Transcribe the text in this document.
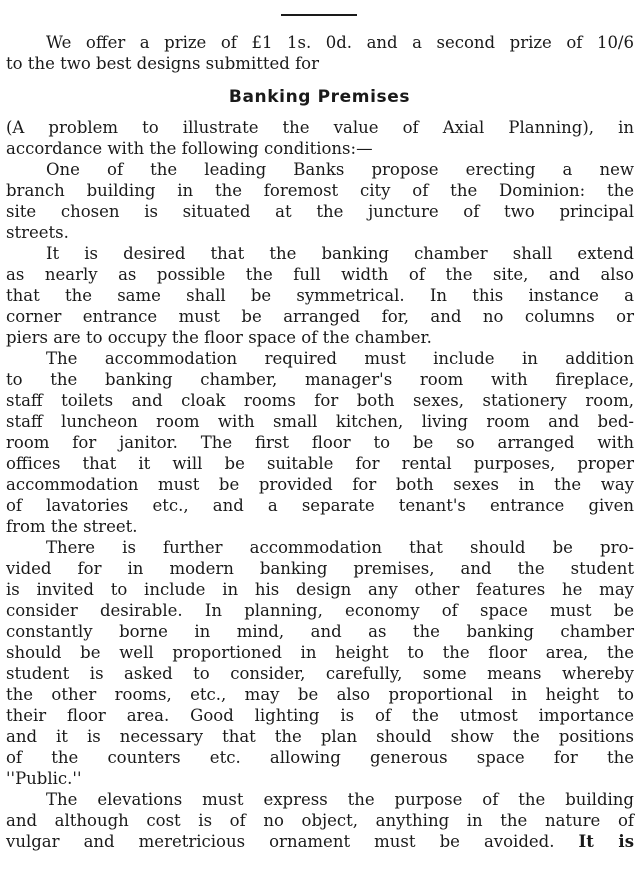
We offer a prize of £1 1s. 0d. and a second prize of 10/6
to the two best designs submitted for
Banking Premises
(A problem to illustrate the value of Axial Planning), in
accordance with the following conditions:—
One of the leading Banks propose erecting a new
branch building in the foremost city of the Dominion: the
site chosen is situated at the juncture of two principal
streets.
It is desired that the banking chamber shall extend
as nearly as possible the full width of the site, and also
that the same shall be symmetrical. In this instance a
corner entrance must be arranged for, and no columns or
piers are to occupy the floor space of the chamber.
The accommodation required must include in addition
to the banking chamber, manager's room with fireplace,
staff toilets and cloak rooms for both sexes, stationery room,
staff luncheon room with small kitchen, living room and bed-
room for janitor. The first floor to be so arranged with
offices that it will be suitable for rental purposes, proper
accommodation must be provided for both sexes in the way
of lavatories etc., and a separate tenant's entrance given
from the street.
There is further accommodation that should be pro-
vided for in modern banking premises, and the student
is invited to include in his design any other features he may
consider desirable. In planning, economy of space must be
constantly borne in mind, and as the banking chamber
should be well proportioned in height to the floor area, the
student is asked to consider, carefully, some means whereby
the other rooms, etc., may be also proportional in height to
their floor area. Good lighting is of the utmost importance
and it is necessary that the plan should show the positions
of the counters etc. allowing generous space for the
''Public.''
The elevations must express the purpose of the building
and although cost is of no object, anything in the nature of
vulgar and meretricious ornament must be avoided. It is
